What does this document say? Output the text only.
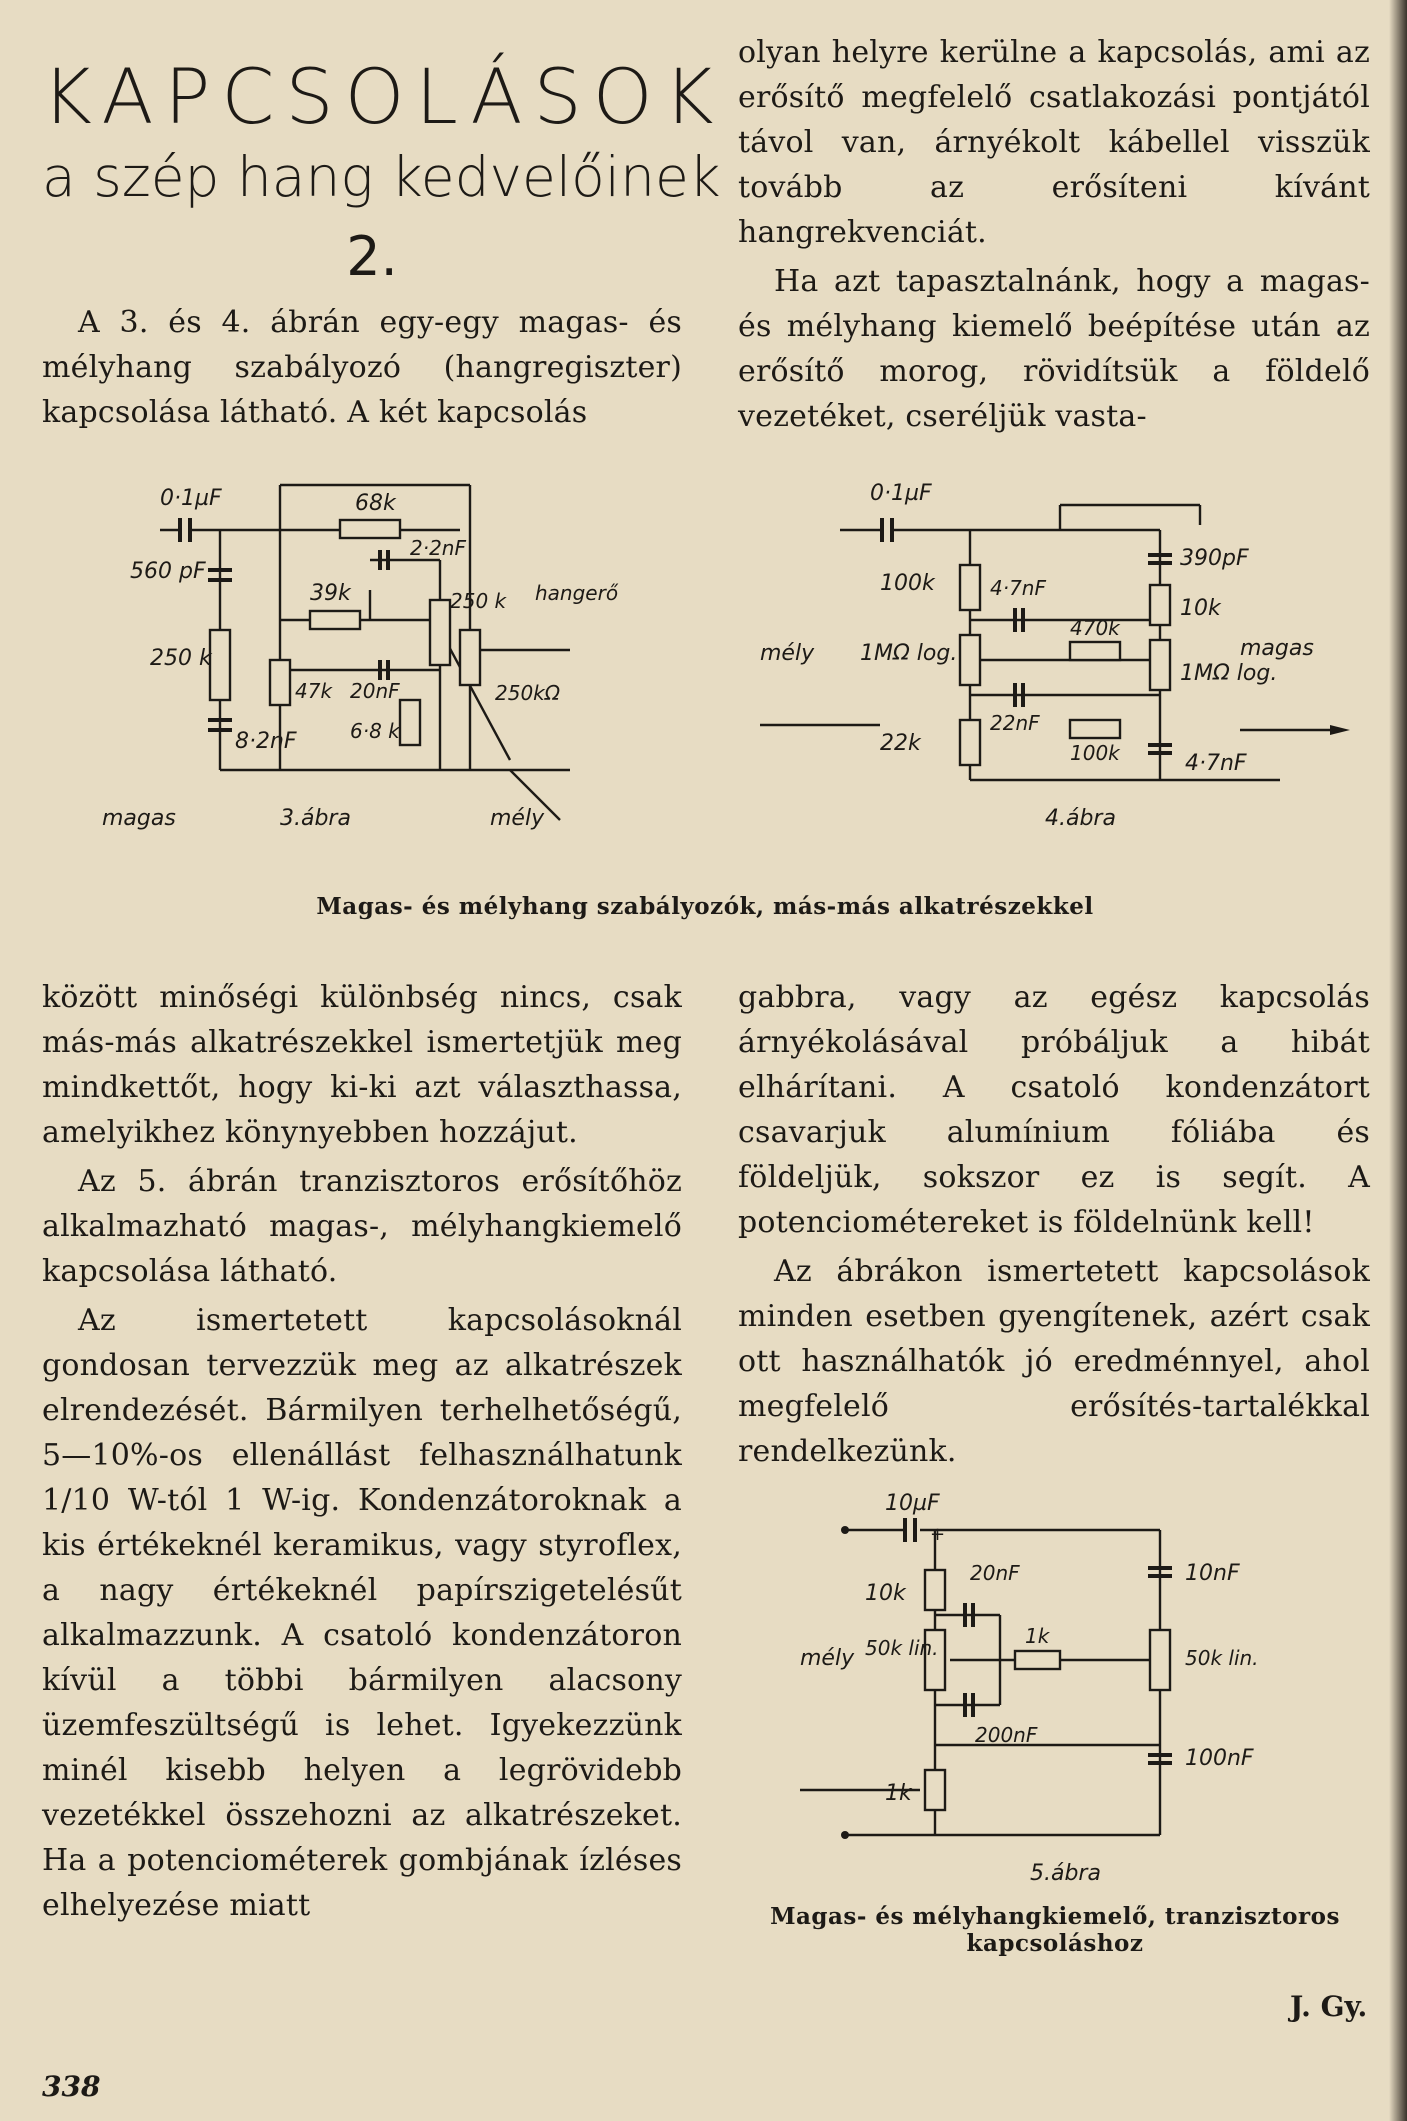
KAPCSOLÁSOK
a szép hang kedvelőinek
2.

A 3. és 4. ábrán egy-egy magas- és mélyhang szabályozó (hangregiszter) kapcsolása látható. A két kapcsolás

olyan helyre kerülne a kapcsolás, ami az erősítő megfelelő csatlakozási pontjától távol van, árnyékolt kábellel visszük tovább az erősíteni kívánt hangrekvenciát.

Ha azt tapasztalnánk, hogy a magas- és mélyhang kiemelő beépítése után az erősítő morog, rövidítsük a földelő vezetéket, cseréljük vasta-

0·1µF
560 pF
250 k
8·2nF
68k
39k
2·2nF
250 k
47k 20nF
6·8 k
250kΩ
hangerő
magas	3.ábra	mély
0·1µF
100k	4·7nF
1MΩ log.
mély
22nF
22k
390pF
470k
10k
1MΩ log.
magas
100k	4·7nF
4.ábra
Magas- és mélyhang szabályozók, más-más alkatrészekkel

között minőségi különbség nincs, csak más-más alkatrészekkel ismertetjük meg mindkettőt, hogy ki-ki azt választhassa, amelyikhez könynyebben hozzájut.

Az 5. ábrán tranzisztoros erősítőhöz alkalmazható magas-, mélyhangkiemelő kapcsolása látható.

Az ismertetett kapcsolásoknál gondosan tervezzük meg az alkatrészek elrendezését. Bármilyen terhelhetőségű, 5—10%-os ellenállást felhasználhatunk 1/10 W-tól 1 W-ig. Kondenzátoroknak a kis értékeknél keramikus, vagy styroflex, a nagy értékeknél papírszigetelésűt alkalmazzunk. A csatoló kondenzátoron kívül a többi bármilyen alacsony üzemfeszültségű is lehet. Igyekezzünk minél kisebb helyen a legrövidebb vezetékkel összehozni az alkatrészeket. Ha a potenciométerek gombjának ízléses elhelyezése miatt

gabbra, vagy az egész kapcsolás árnyékolásával próbáljuk a hibát elhárítani. A csatoló kondenzátort csavarjuk alumínium fóliába és földeljük, sokszor ez is segít. A potenciométereket is földelnünk kell!

Az ábrákon ismertetett kapcsolások minden esetben gyengítenek, azért csak ott használhatók jó eredménnyel, ahol megfelelő erősítés-tartalékkal rendelkezünk.

10µF
+
10k
20nF
50k lin.
mély
1k
200nF
1k
10nF
50k lin.
100nF
5.ábra
Magas- és mélyhangkiemelő, tranzisztoros kapcsoláshoz
J. Gy.
338
